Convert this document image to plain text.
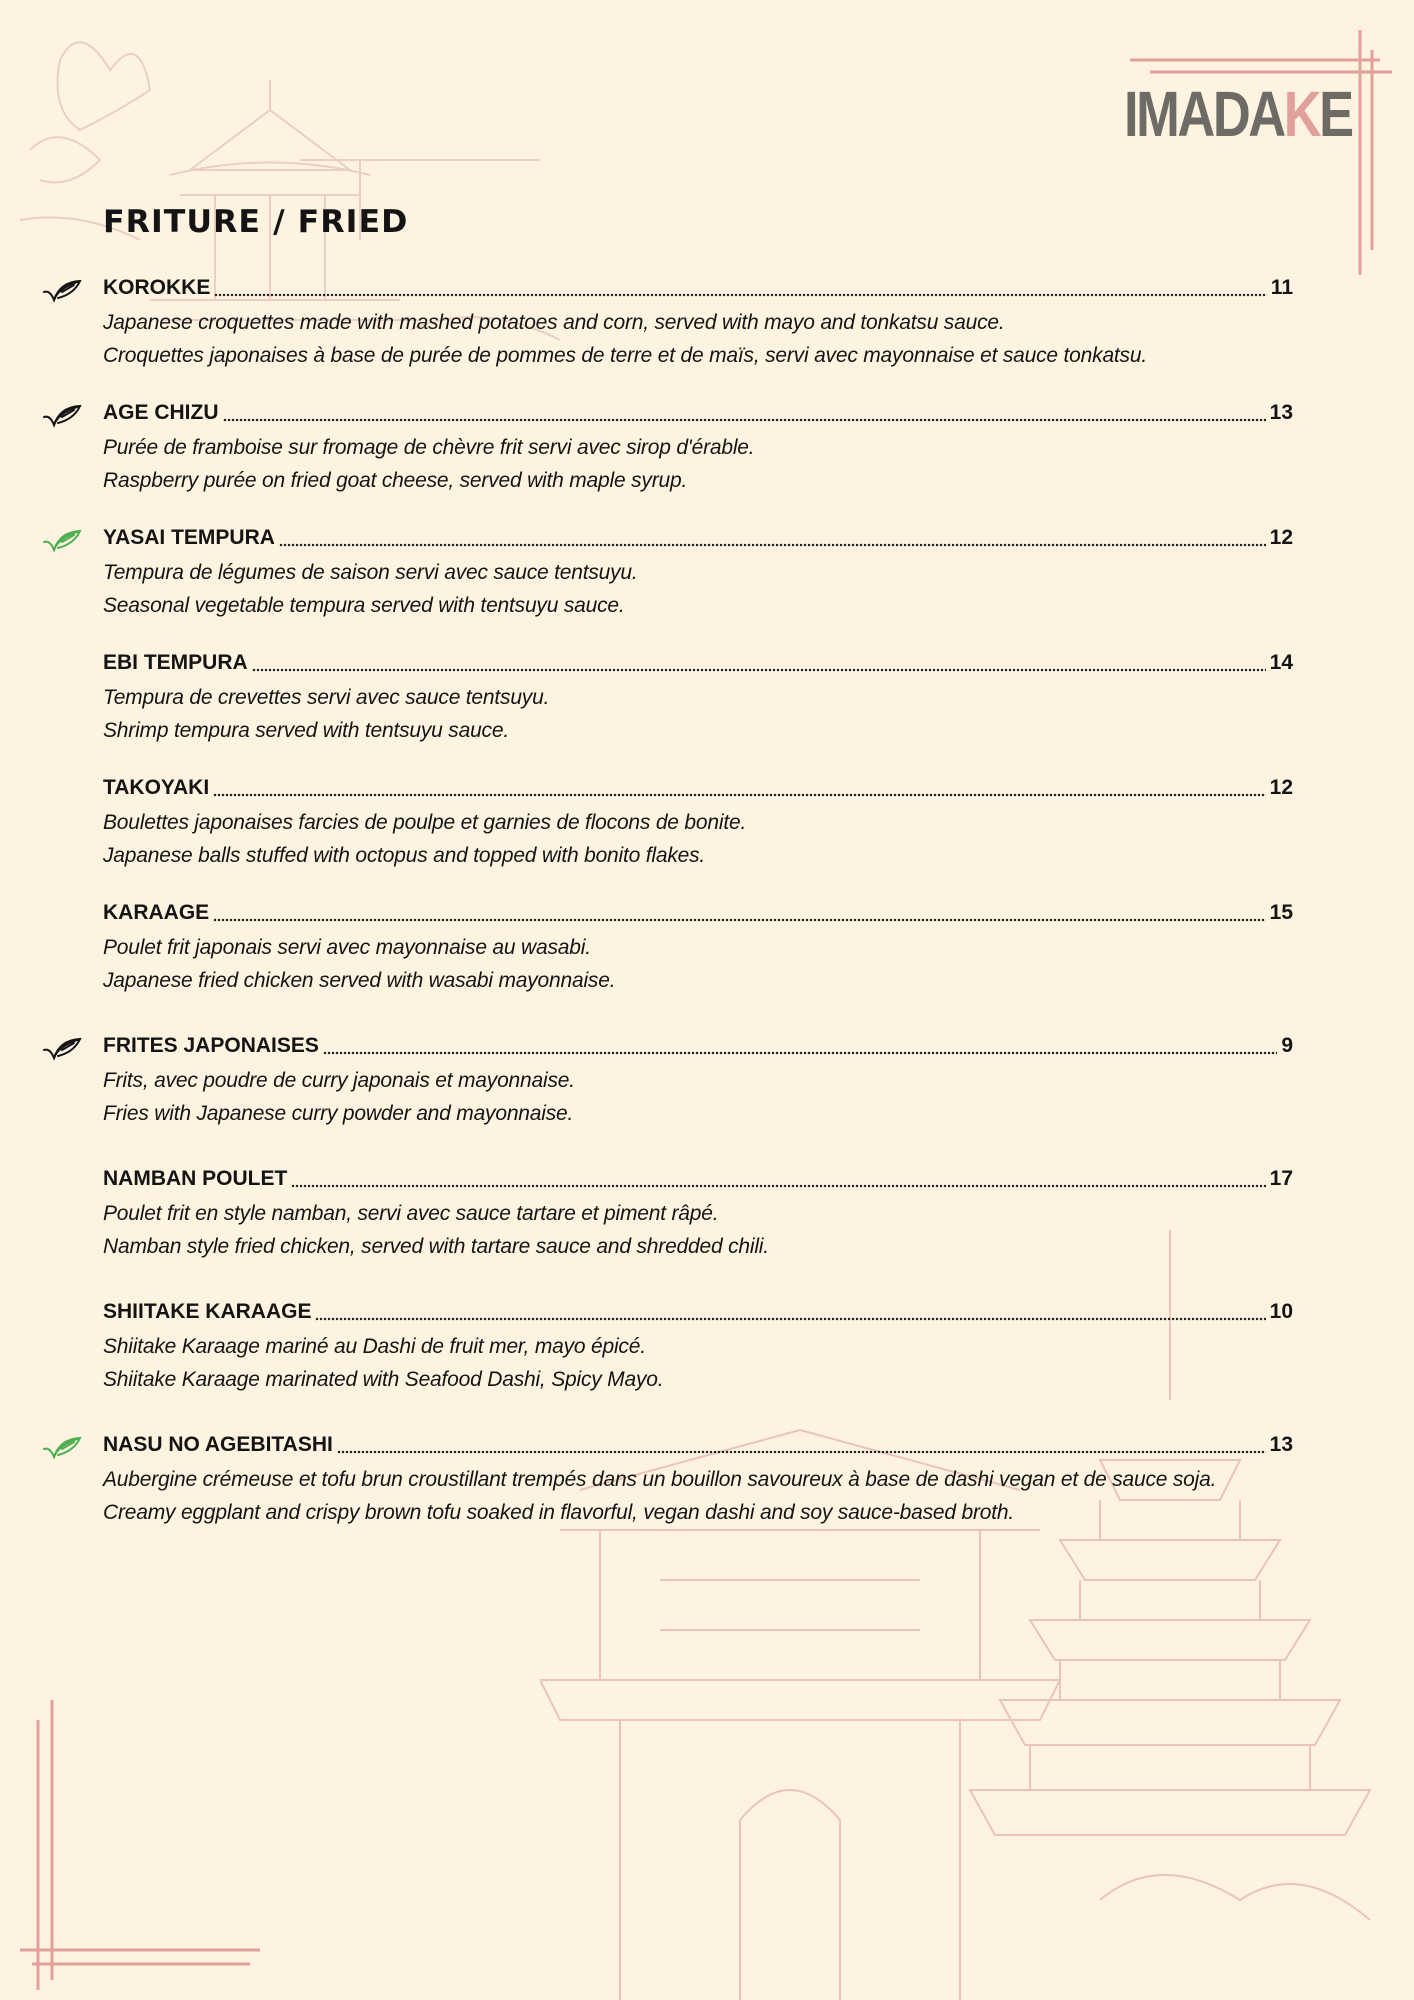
IMADAKE
FRITURE / FRIED
KOROKKE	11
Japanese croquettes made with mashed potatoes and corn, served with mayo and tonkatsu sauce.
Croquettes japonaises à base de purée de pommes de terre et de maïs, servi avec mayonnaise et sauce tonkatsu.
AGE CHIZU	13
Purée de framboise sur fromage de chèvre frit servi avec sirop d'érable.
Raspberry purée on fried goat cheese, served with maple syrup.
YASAI TEMPURA	12
Tempura de légumes de saison servi avec sauce tentsuyu.
Seasonal vegetable tempura served with tentsuyu sauce.
EBI TEMPURA	14
Tempura de crevettes servi avec sauce tentsuyu.
Shrimp tempura served with tentsuyu sauce.
TAKOYAKI	12
Boulettes japonaises farcies de poulpe et garnies de flocons de bonite.
Japanese balls stuffed with octopus and topped with bonito flakes.
KARAAGE	15
Poulet frit japonais servi avec mayonnaise au wasabi.
Japanese fried chicken served with wasabi mayonnaise.
FRITES JAPONAISES	9
Frits, avec poudre de curry japonais et mayonnaise.
Fries with Japanese curry powder and mayonnaise.
NAMBAN POULET	17
Poulet frit en style namban, servi avec sauce tartare et piment râpé.
Namban style fried chicken, served with tartare sauce and shredded chili.
SHIITAKE KARAAGE	10
Shiitake Karaage mariné au Dashi de fruit mer, mayo épicé.
Shiitake Karaage marinated with Seafood Dashi, Spicy Mayo.
NASU NO AGEBITASHI	13
Aubergine crémeuse et tofu brun croustillant trempés dans un bouillon savoureux à base de dashi vegan et de sauce soja.
Creamy eggplant and crispy brown tofu soaked in flavorful, vegan dashi and soy sauce-based broth.
